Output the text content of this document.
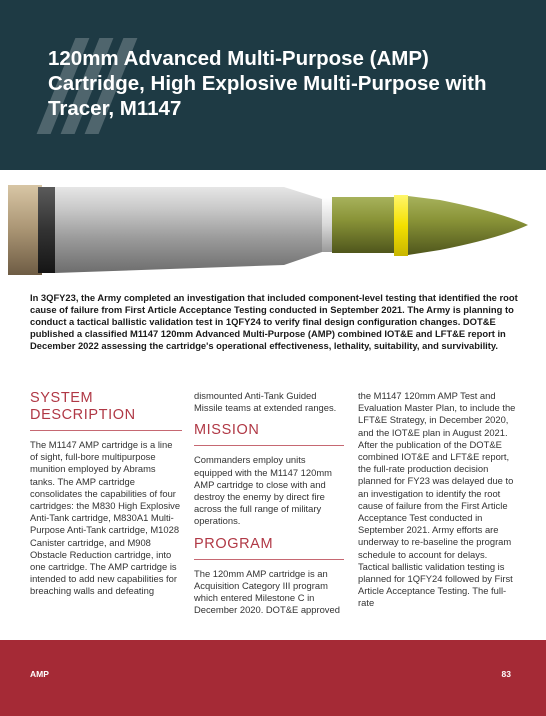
120mm Advanced Multi-Purpose (AMP) Cartridge, High Explosive Multi-Purpose with Tracer, M1147

In 3QFY23, the Army completed an investigation that included component-level testing that identified the root cause of failure from First Article Acceptance Testing conducted in September 2021. The Army is planning to conduct a tactical ballistic validation test in 1QFY24 to verify final design configuration changes. DOT&E published a classified M1147 120mm Advanced Multi-Purpose (AMP) combined IOT&E and LFT&E report in December 2022 assessing the cartridge's operational effectiveness, lethality, suitability, and survivability.

SYSTEM DESCRIPTION

The M1147 AMP cartridge is a line of sight, full-bore multipurpose munition employed by Abrams tanks. The AMP cartridge consolidates the capabilities of four cartridges: the M830 High Explosive Anti-Tank cartridge, M830A1 Multi-Purpose Anti-Tank cartridge, M1028 Canister cartridge, and M908 Obstacle Reduction cartridge, into one cartridge. The AMP cartridge is intended to add new capabilities for breaching walls and defeating

dismounted Anti-Tank Guided Missile teams at extended ranges.

MISSION

Commanders employ units equipped with the M1147 120mm AMP cartridge to close with and destroy the enemy by direct fire across the full range of military operations.

PROGRAM

The 120mm AMP cartridge is an Acquisition Category III program which entered Milestone C in December 2020. DOT&E approved

the M1147 120mm AMP Test and Evaluation Master Plan, to include the LFT&E Strategy, in December 2020, and the IOT&E plan in August 2021. After the publication of the DOT&E combined IOT&E and LFT&E report, the full-rate production decision planned for FY23 was delayed due to an investigation to identify the root cause of failure from the First Article Acceptance Test conducted in September 2021. Army efforts are underway to re-baseline the program schedule to account for delays. Tactical ballistic validation testing is planned for 1QFY24 followed by First Article Acceptance Testing. The full-rate

AMP	83
